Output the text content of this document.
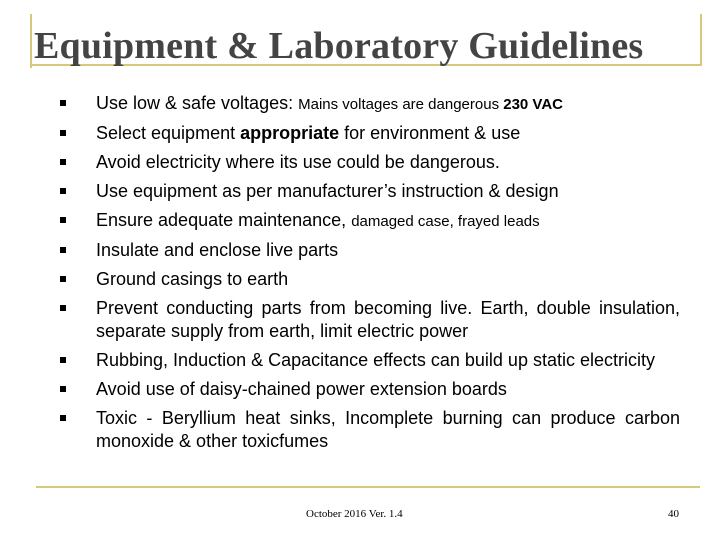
Equipment & Laboratory Guidelines
Use low & safe voltages: Mains voltages are dangerous 230 VAC
Select equipment appropriate for environment & use
Avoid electricity where its use could be dangerous.
Use equipment as per manufacturer’s instruction & design
Ensure adequate maintenance, damaged case, frayed leads
Insulate and enclose live parts
Ground casings to earth
Prevent conducting parts from becoming live. Earth, double insulation, separate supply from earth, limit electric power
Rubbing, Induction & Capacitance effects can build up static electricity
Avoid use of daisy-chained power extension boards
Toxic - Beryllium heat sinks, Incomplete burning can produce carbon monoxide & other toxicfumes
October 2016 Ver. 1.4	40
